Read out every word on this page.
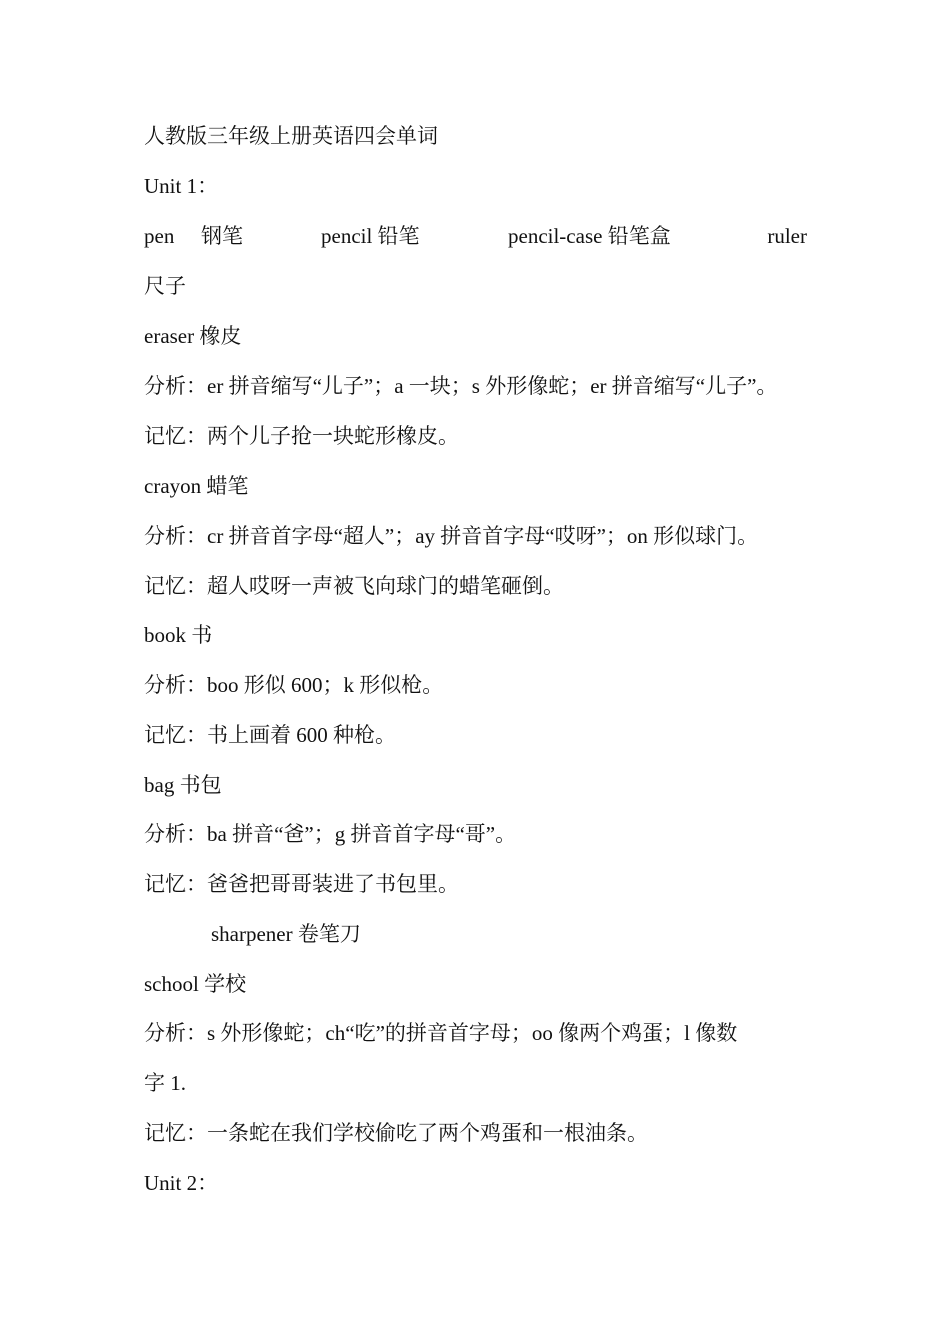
人教版三年级上册英语四会单词
Unit 1：
pen 钢笔	pencil 铅笔	pencil-case 铅笔盒	ruler
尺子
eraser 橡皮
分析：er 拼音缩写“儿子”；a 一块；s 外形像蛇；er 拼音缩写“儿子”。
记忆：两个儿子抢一块蛇形橡皮。
crayon 蜡笔
分析：cr 拼音首字母“超人”；ay 拼音首字母“哎呀”；on 形似球门。
记忆：超人哎呀一声被飞向球门的蜡笔砸倒。
book 书
分析：boo 形似 600；k 形似枪。
记忆：书上画着 600 种枪。
bag 书包
分析：ba 拼音“爸”；g 拼音首字母“哥”。
记忆：爸爸把哥哥装进了书包里。
sharpener 卷笔刀
school 学校
分析：s 外形像蛇；ch“吃”的拼音首字母；oo 像两个鸡蛋；l 像数
字 1.
记忆：一条蛇在我们学校偷吃了两个鸡蛋和一根油条。
Unit 2：
